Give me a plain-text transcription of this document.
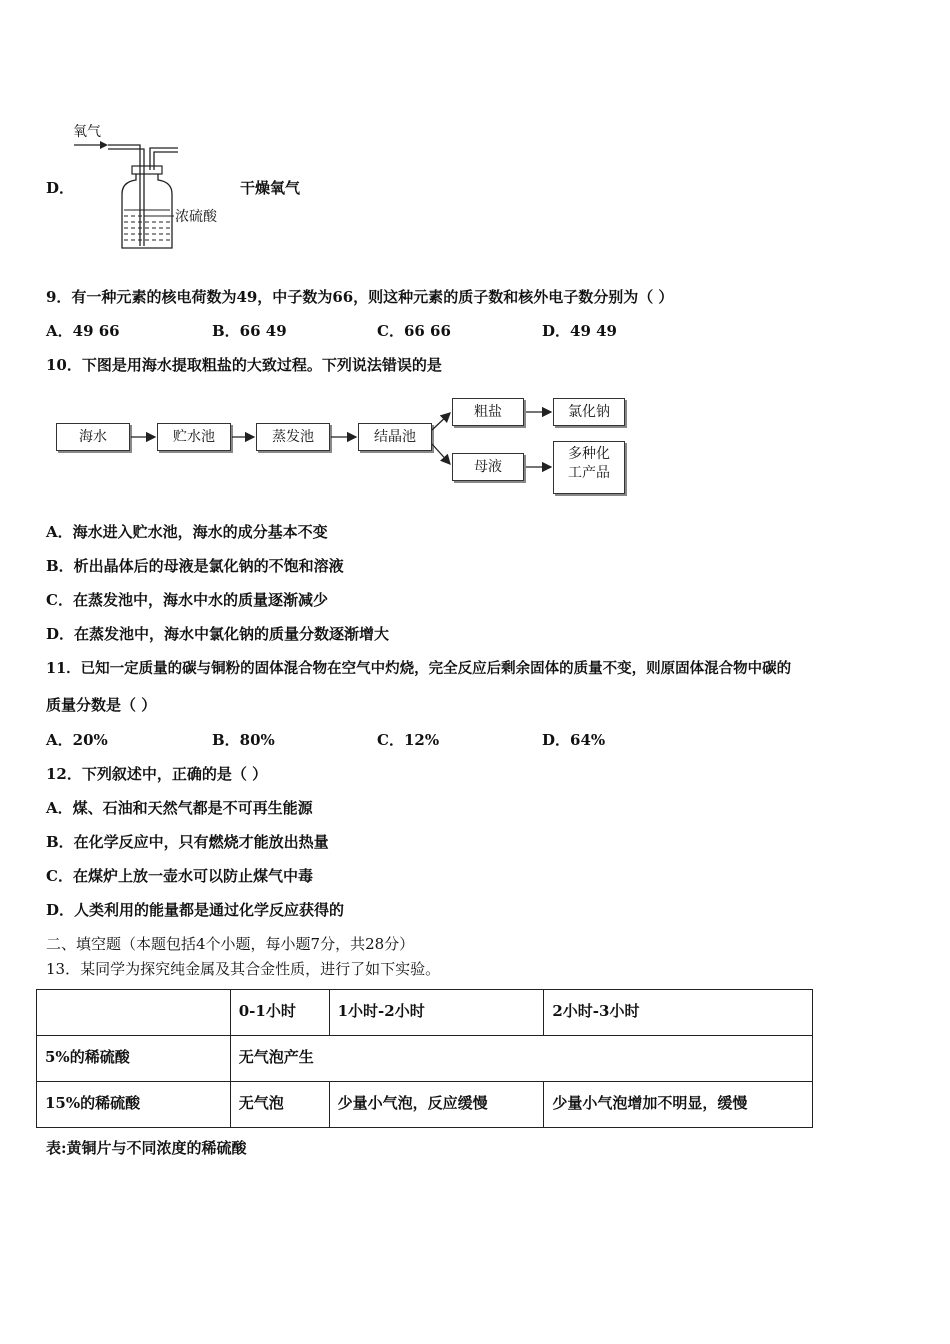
D．
氧气
浓硫酸
干燥氧气
9．有一种元素的核电荷数为49，中子数为66，则这种元素的质子数和核外电子数分别为（ ）
A．49 66	B．66 49	C．66 66	D．49 49
10．下图是用海水提取粗盐的大致过程。下列说法错误的是
海水	贮水池	蒸发池	结晶池
粗盐	氯化钠
母液
多种化
工产品
A．海水进入贮水池，海水的成分基本不变
B．析出晶体后的母液是氯化钠的不饱和溶液
C．在蒸发池中，海水中水的质量逐渐减少
D．在蒸发池中，海水中氯化钠的质量分数逐渐增大
11．已知一定质量的碳与铜粉的固体混合物在空气中灼烧，完全反应后剩余固体的质量不变，则原固体混合物中碳的
质量分数是（ ）
A．20%	B．80%	C．12%	D．64%
12．下列叙述中，正确的是（ ）
A．煤、石油和天然气都是不可再生能源
B．在化学反应中，只有燃烧才能放出热量
C．在煤炉上放一壶水可以防止煤气中毒
D．人类利用的能量都是通过化学反应获得的
二、填空题（本题包括4个小题，每小题7分，共28分）
13．某同学为探究纯金属及其合金性质，进行了如下实验。
	0-1小时	1小时-2小时	2小时-3小时
5%的稀硫酸	无气泡产生		
15%的稀硫酸	无气泡	少量小气泡，反应缓慢	少量小气泡增加不明显，缓慢
表:黄铜片与不同浓度的稀硫酸
